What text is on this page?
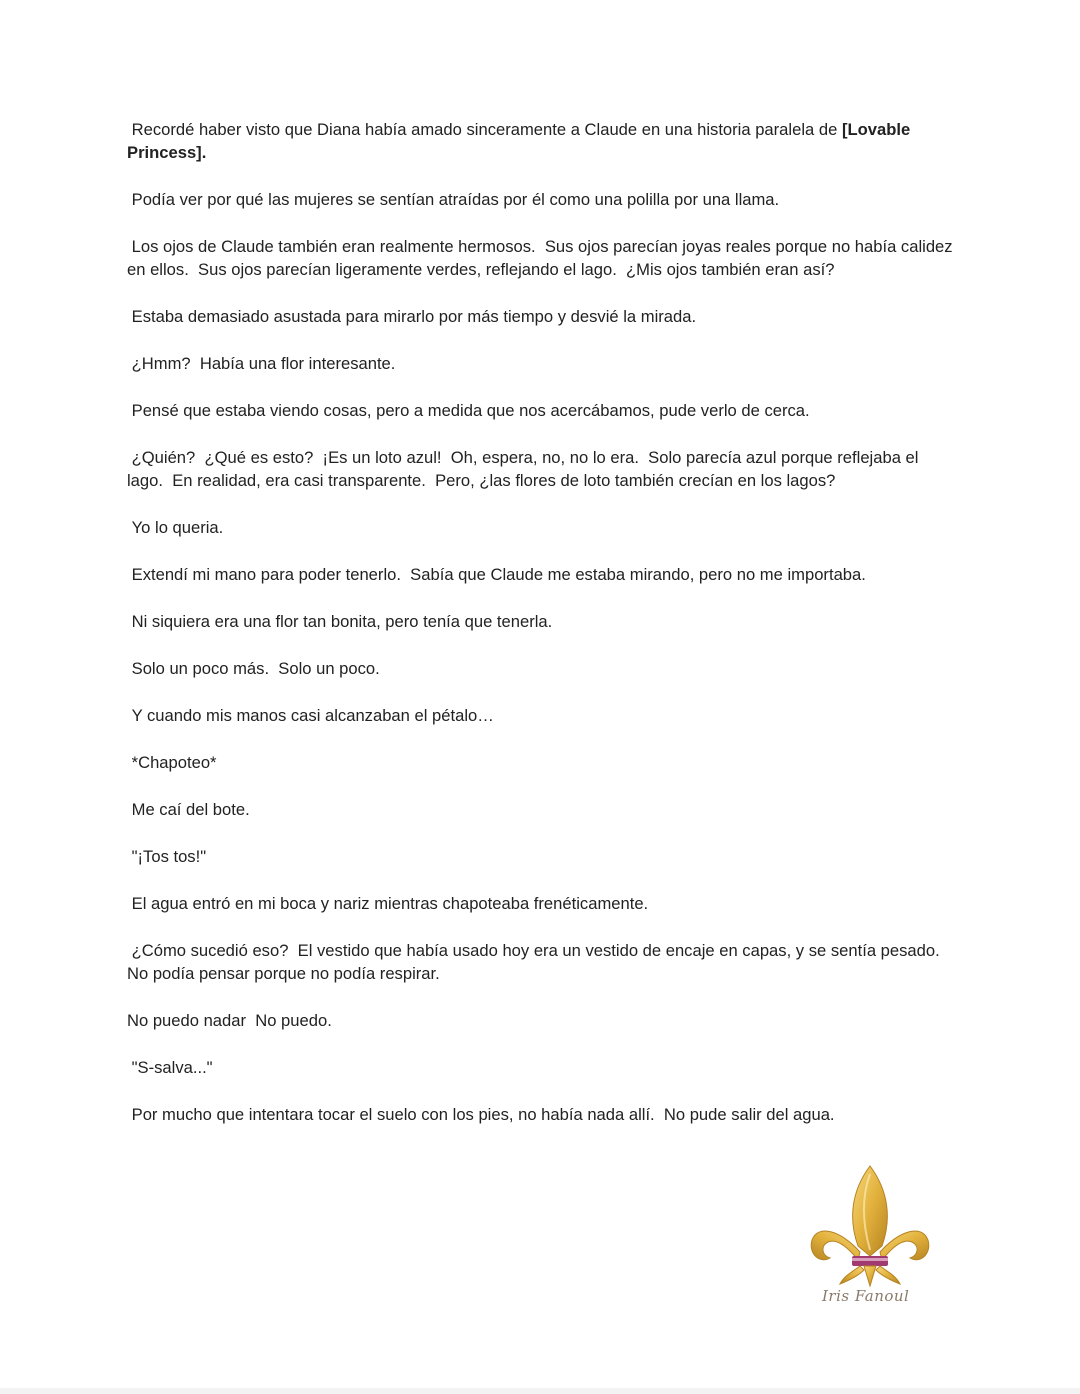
Recordé haber visto que Diana había amado sinceramente a Claude en una historia paralela de [Lovable Princess].

Podía ver por qué las mujeres se sentían atraídas por él como una polilla por una llama.

Los ojos de Claude también eran realmente hermosos.  Sus ojos parecían joyas reales porque no había calidez en ellos.  Sus ojos parecían ligeramente verdes, reflejando el lago.  ¿Mis ojos también eran así?

Estaba demasiado asustada para mirarlo por más tiempo y desvié la mirada.

¿Hmm?  Había una flor interesante.

Pensé que estaba viendo cosas, pero a medida que nos acercábamos, pude verlo de cerca.

¿Quién?  ¿Qué es esto?  ¡Es un loto azul!  Oh, espera, no, no lo era.  Solo parecía azul porque reflejaba el lago.  En realidad, era casi transparente.  Pero, ¿las flores de loto también crecían en los lagos?

Yo lo queria.

Extendí mi mano para poder tenerlo.  Sabía que Claude me estaba mirando, pero no me importaba.

Ni siquiera era una flor tan bonita, pero tenía que tenerla.

Solo un poco más.  Solo un poco.

Y cuando mis manos casi alcanzaban el pétalo…

*Chapoteo*

Me caí del bote.

"¡Tos tos!"

El agua entró en mi boca y nariz mientras chapoteaba frenéticamente.

¿Cómo sucedió eso?  El vestido que había usado hoy era un vestido de encaje en capas, y se sentía pesado.  No podía pensar porque no podía respirar.

No puedo nadar  No puedo.

"S-salva..."

Por mucho que intentara tocar el suelo con los pies, no había nada allí.  No pude salir del agua.

Iris Fanoul
